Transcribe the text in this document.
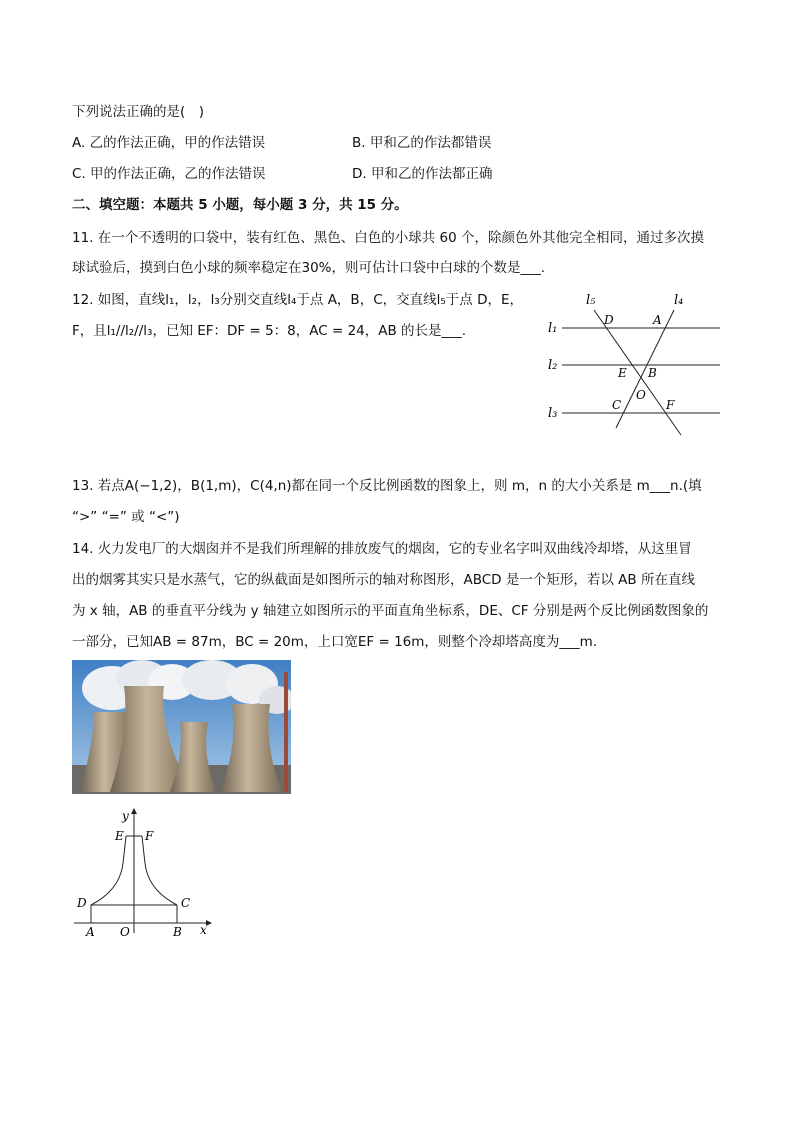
下列说法正确的是(　)
A. 乙的作法正确，甲的作法错误	B. 甲和乙的作法都错误
C. 甲的作法正确，乙的作法错误	D. 甲和乙的作法都正确
二、填空题：本题共 5 小题，每小题 3 分，共 15 分。
11. 在一个不透明的口袋中，装有红色、黑色、白色的小球共 60 个，除颜色外其他完全相同，通过多次摸
球试验后，摸到白色小球的频率稳定在30%，则可估计口袋中白球的个数是___.
12. 如图，直线l₁，l₂，l₃分别交直线l₄于点 A，B，C，交直线l₅于点 D，E，
F，且l₁//l₂//l₃，已知 EF：DF = 5：8，AC = 24，AB 的长是___.	l₁
l₂
l₃
l₅	l₄
D	A
E B
O
C	F
13. 若点A(−1,2)，B(1,m)，C(4,n)都在同一个反比例函数的图象上，则 m，n 的大小关系是 m___n.(填
“>” “=” 或 “<”)
14. 火力发电厂的大烟囱并不是我们所理解的排放废气的烟囱，它的专业名字叫双曲线冷却塔，从这里冒
出的烟雾其实只是水蒸气，它的纵截面是如图所示的轴对称图形，ABCD 是一个矩形，若以 AB 所在直线
为 x 轴，AB 的垂直平分线为 y 轴建立如图所示的平面直角坐标系，DE、CF 分别是两个反比例函数图象的
一部分，已知AB = 87m，BC = 20m，上口宽EF = 16m，则整个冷却塔高度为___m.
y
x
E F
D	C
A O	B
